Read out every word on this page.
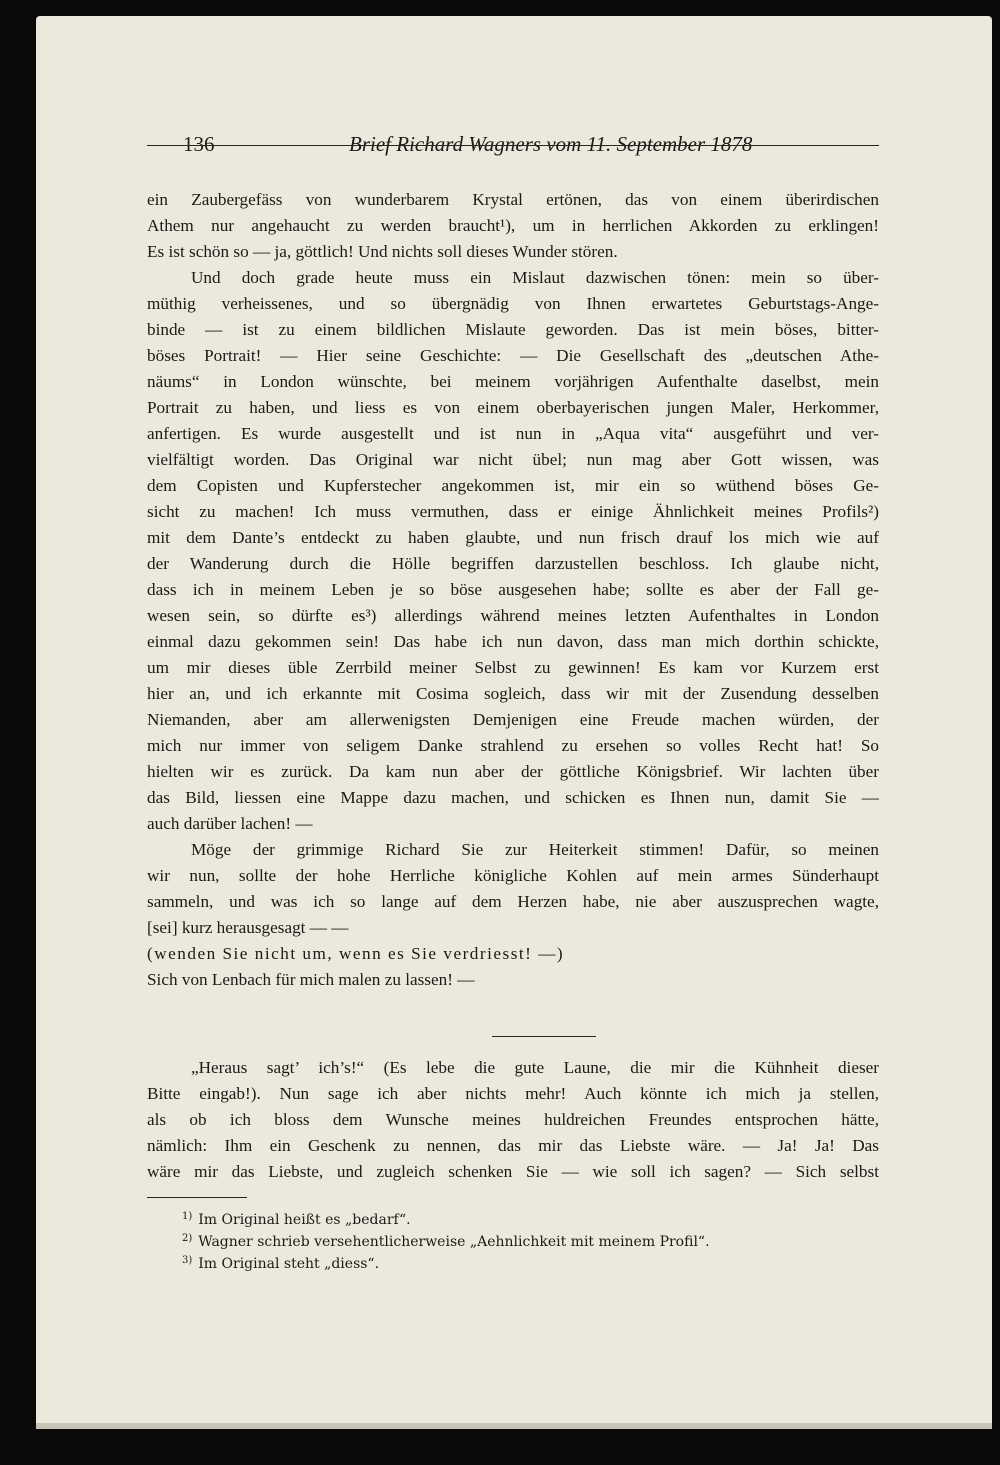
136	Brief Richard Wagners vom 11. September 1878
ein Zaubergefäss von wunderbarem Krystal ertönen, das von einem überirdischen
Athem nur angehaucht zu werden braucht¹), um in herrlichen Akkorden zu erklingen!
Es ist schön so — ja, göttlich! Und nichts soll dieses Wunder stören.
Und doch grade heute muss ein Mislaut dazwischen tönen: mein so über-
müthig verheissenes, und so übergnädig von Ihnen erwartetes Geburtstags-Ange-
binde — ist zu einem bildlichen Mislaute geworden. Das ist mein böses, bitter-
böses Portrait! — Hier seine Geschichte: — Die Gesellschaft des „deutschen Athe-
näums“ in London wünschte, bei meinem vorjährigen Aufenthalte daselbst, mein
Portrait zu haben, und liess es von einem oberbayerischen jungen Maler, Herkommer,
anfertigen. Es wurde ausgestellt und ist nun in „Aqua vita“ ausgeführt und ver-
vielfältigt worden. Das Original war nicht übel; nun mag aber Gott wissen, was
dem Copisten und Kupferstecher angekommen ist, mir ein so wüthend böses Ge-
sicht zu machen! Ich muss vermuthen, dass er einige Ähnlichkeit meines Profils²)
mit dem Dante’s entdeckt zu haben glaubte, und nun frisch drauf los mich wie auf
der Wanderung durch die Hölle begriffen darzustellen beschloss. Ich glaube nicht,
dass ich in meinem Leben je so böse ausgesehen habe; sollte es aber der Fall ge-
wesen sein, so dürfte es³) allerdings während meines letzten Aufenthaltes in London
einmal dazu gekommen sein! Das habe ich nun davon, dass man mich dorthin schickte,
um mir dieses üble Zerrbild meiner Selbst zu gewinnen! Es kam vor Kurzem erst
hier an, und ich erkannte mit Cosima sogleich, dass wir mit der Zusendung desselben
Niemanden, aber am allerwenigsten Demjenigen eine Freude machen würden, der
mich nur immer von seligem Danke strahlend zu ersehen so volles Recht hat! So
hielten wir es zurück. Da kam nun aber der göttliche Königsbrief. Wir lachten über
das Bild, liessen eine Mappe dazu machen, und schicken es Ihnen nun, damit Sie —
auch darüber lachen! —
Möge der grimmige Richard Sie zur Heiterkeit stimmen! Dafür, so meinen
wir nun, sollte der hohe Herrliche königliche Kohlen auf mein armes Sünderhaupt
sammeln, und was ich so lange auf dem Herzen habe, nie aber auszusprechen wagte,
[sei] kurz herausgesagt — —
(wenden Sie nicht um, wenn es Sie verdriesst! —)
Sich von Lenbach für mich malen zu lassen! —
„Heraus sagt’ ich’s!“ (Es lebe die gute Laune, die mir die Kühnheit dieser
Bitte eingab!). Nun sage ich aber nichts mehr! Auch könnte ich mich ja stellen,
als ob ich bloss dem Wunsche meines huldreichen Freundes entsprochen hätte,
nämlich: Ihm ein Geschenk zu nennen, das mir das Liebste wäre. — Ja! Ja! Das
wäre mir das Liebste, und zugleich schenken Sie — wie soll ich sagen? — Sich selbst
$^{1)}$ Im Original heißt es „bedarf“.
$^{2)}$ Wagner schrieb versehentlicherweise „Aehnlichkeit mit meinem Profil“.
$^{3)}$ Im Original steht „diess“.
